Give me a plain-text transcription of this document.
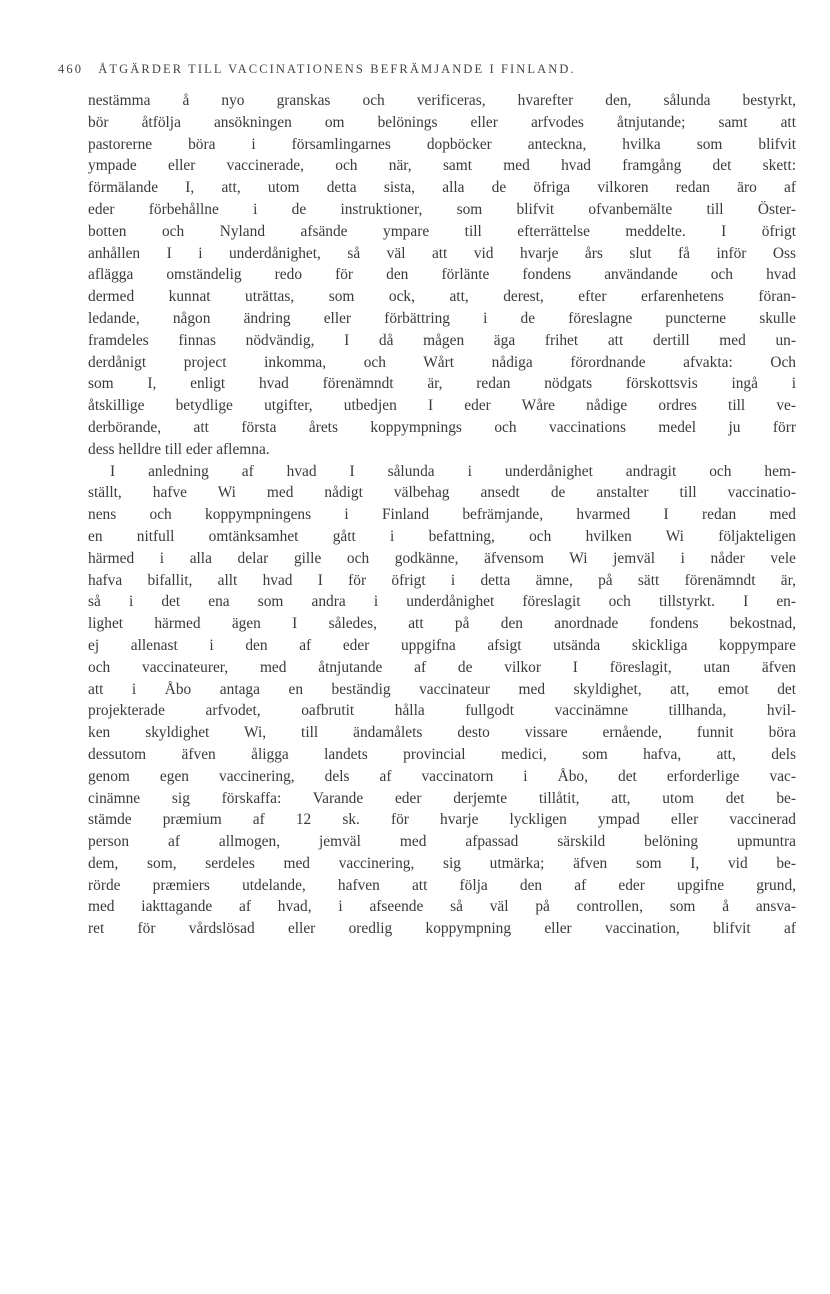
460 ÅTGÄRDER TILL VACCINATIONENS BEFRÄMJANDE I FINLAND.
nestämma å nyo granskas och verificeras, hvarefter den, sålunda bestyrkt,
bör åtfölja ansökningen om belönings eller arfvodes åtnjutande; samt att
pastorerne böra i församlingarnes dopböcker anteckna, hvilka som blifvit
ympade eller vaccinerade, och när, samt med hvad framgång det skett:
förmälande I, att, utom detta sista, alla de öfriga vilkoren redan äro af
eder förbehållne i de instruktioner, som blifvit ofvanbemälte till Öster-
botten och Nyland afsände ympare till efterrättelse meddelte. I öfrigt
anhållen I i underdånighet, så väl att vid hvarje års slut få inför Oss
aflägga omständelig redo för den förlänte fondens användande och hvad
dermed kunnat uträttas, som ock, att, derest, efter erfarenhetens föran-
ledande, någon ändring eller förbättring i de föreslagne puncterne skulle
framdeles finnas nödvändig, I då mågen äga frihet att dertill med un-
derdånigt project inkomma, och Wårt nådiga förordnande afvakta: Och
som I, enligt hvad förenämndt är, redan nödgats förskottsvis ingå i
åtskillige betydlige utgifter, utbedjen I eder Wåre nådige ordres till ve-
derbörande, att första årets koppympnings och vaccinations medel ju förr
dess helldre till eder aflemna.
I anledning af hvad I sålunda i underdånighet andragit och hem-
ställt, hafve Wi med nådigt välbehag ansedt de anstalter till vaccinatio-
nens och koppympningens i Finland befrämjande, hvarmed I redan med
en nitfull omtänksamhet gått i befattning, och hvilken Wi följakteligen
härmed i alla delar gille och godkänne, äfvensom Wi jemväl i nåder vele
hafva bifallit, allt hvad I för öfrigt i detta ämne, på sätt förenämndt är,
så i det ena som andra i underdånighet föreslagit och tillstyrkt. I en-
lighet härmed ägen I således, att på den anordnade fondens bekostnad,
ej allenast i den af eder uppgifna afsigt utsända skickliga koppympare
och vaccinateurer, med åtnjutande af de vilkor I föreslagit, utan äfven
att i Åbo antaga en beständig vaccinateur med skyldighet, att, emot det
projekterade arfvodet, oafbrutit hålla fullgodt vaccinämne tillhanda, hvil-
ken skyldighet Wi, till ändamålets desto vissare ernående, funnit böra
dessutom äfven åligga landets provincial medici, som hafva, att, dels
genom egen vaccinering, dels af vaccinatorn i Åbo, det erforderlige vac-
cinämne sig förskaffa: Varande eder derjemte tillåtit, att, utom det be-
stämde præmium af 12 sk. för hvarje lyckligen ympad eller vaccinerad
person af allmogen, jemväl med afpassad särskild belöning upmuntra
dem, som, serdeles med vaccinering, sig utmärka; äfven som I, vid be-
rörde præmiers utdelande, hafven att följa den af eder upgifne grund,
med iakttagande af hvad, i afseende så väl på controllen, som å ansva-
ret för vårdslösad eller oredlig koppympning eller vaccination, blifvit af
